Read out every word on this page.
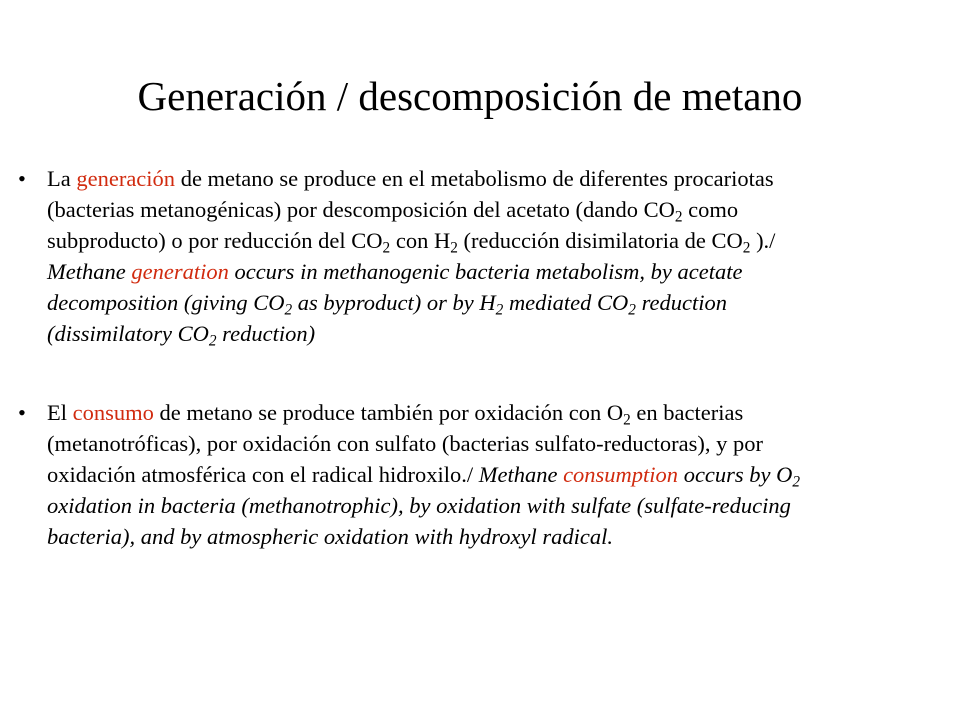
Generación / descomposición de metano
• La generación de metano se produce en el metabolismo de diferentes procariotas (bacterias metanogénicas) por descomposición del acetato (dando $CO_2$ como subproducto) o por reducción del $CO_2$ con $H_2$ (reducción disimilatoria de $CO_2$ )./ Methane generation occurs in methanogenic bacteria metabolism, by acetate decomposition (giving $CO_2$ as byproduct) or by $H_2$ mediated $CO_2$ reduction (dissimilatory $CO_2$ reduction)
• El consumo de metano se produce también por oxidación con $O_2$ en bacterias (metanotróficas), por oxidación con sulfato (bacterias sulfato-reductoras), y por oxidación atmosférica con el radical hidroxilo./ Methane consumption occurs by $O_2$ oxidation in bacteria (methanotrophic), by oxidation with sulfate (sulfate-reducing bacteria), and by atmospheric oxidation with hydroxyl radical.
